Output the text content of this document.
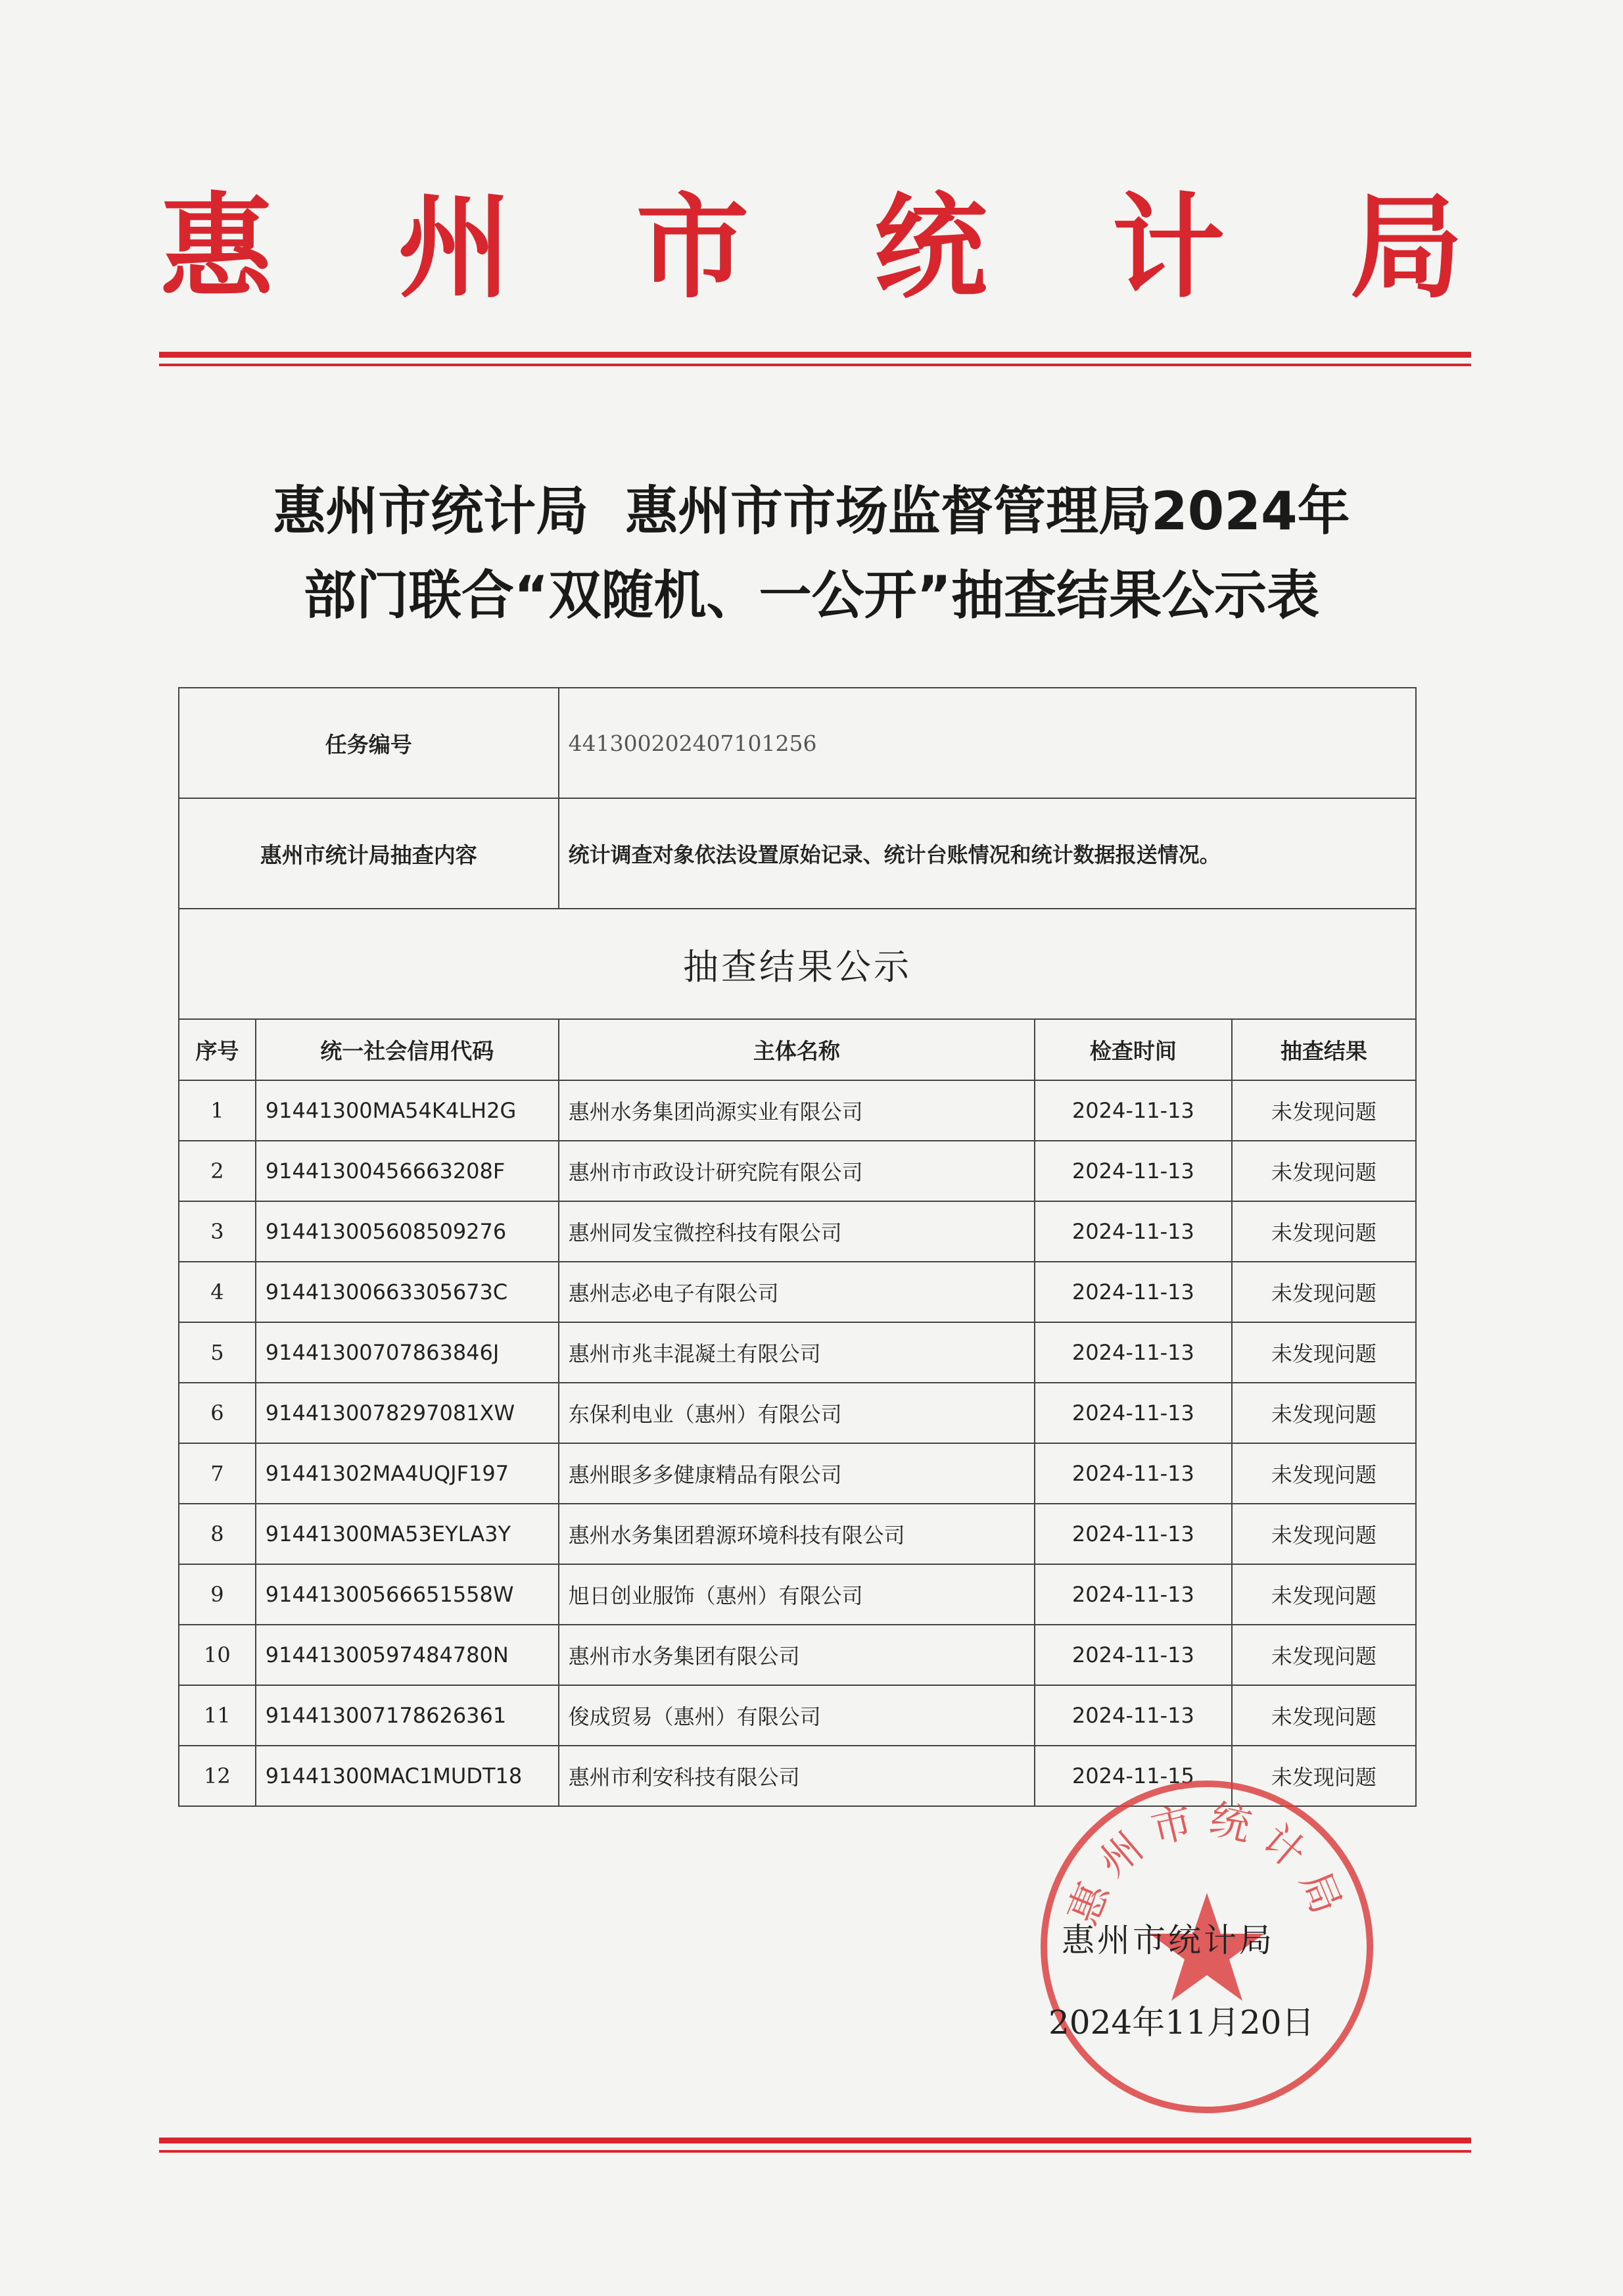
惠 州 市 统 计 局
惠州市统计局  惠州市市场监督管理局2024年
部门联合“双随机、一公开”抽查结果公示表
任务编号		441300202407101256		
惠州市统计局抽查内容		统计调查对象依法设置原始记录、统计台账情况和统计数据报送情况。		
抽查结果公示				
序号	统一社会信用代码	主体名称	检查时间	抽查结果
1	91441300MA54K4LH2G	惠州水务集团尚源实业有限公司	2024-11-13	未发现问题
2	91441300456663208F	惠州市市政设计研究院有限公司	2024-11-13	未发现问题
3	914413005608509276	惠州同发宝微控科技有限公司	2024-11-13	未发现问题
4	91441300663305673C	惠州志必电子有限公司	2024-11-13	未发现问题
5	91441300707863846J	惠州市兆丰混凝土有限公司	2024-11-13	未发现问题
6	9144130078297081XW	东保利电业（惠州）有限公司	2024-11-13	未发现问题
7	91441302MA4UQJF197	惠州眼多多健康精品有限公司	2024-11-13	未发现问题
8	91441300MA53EYLA3Y	惠州水务集团碧源环境科技有限公司	2024-11-13	未发现问题
9	91441300566651558W	旭日创业服饰（惠州）有限公司	2024-11-13	未发现问题
10	91441300597484780N	惠州市水务集团有限公司	2024-11-13	未发现问题
11	914413007178626361	俊成贸易（惠州）有限公司	2024-11-13	未发现问题
12	91441300MAC1MUDT18	惠州市利安科技有限公司	2024-11-15	未发现问题
惠州市统计局
惠州市统计局
2024年11月20日
